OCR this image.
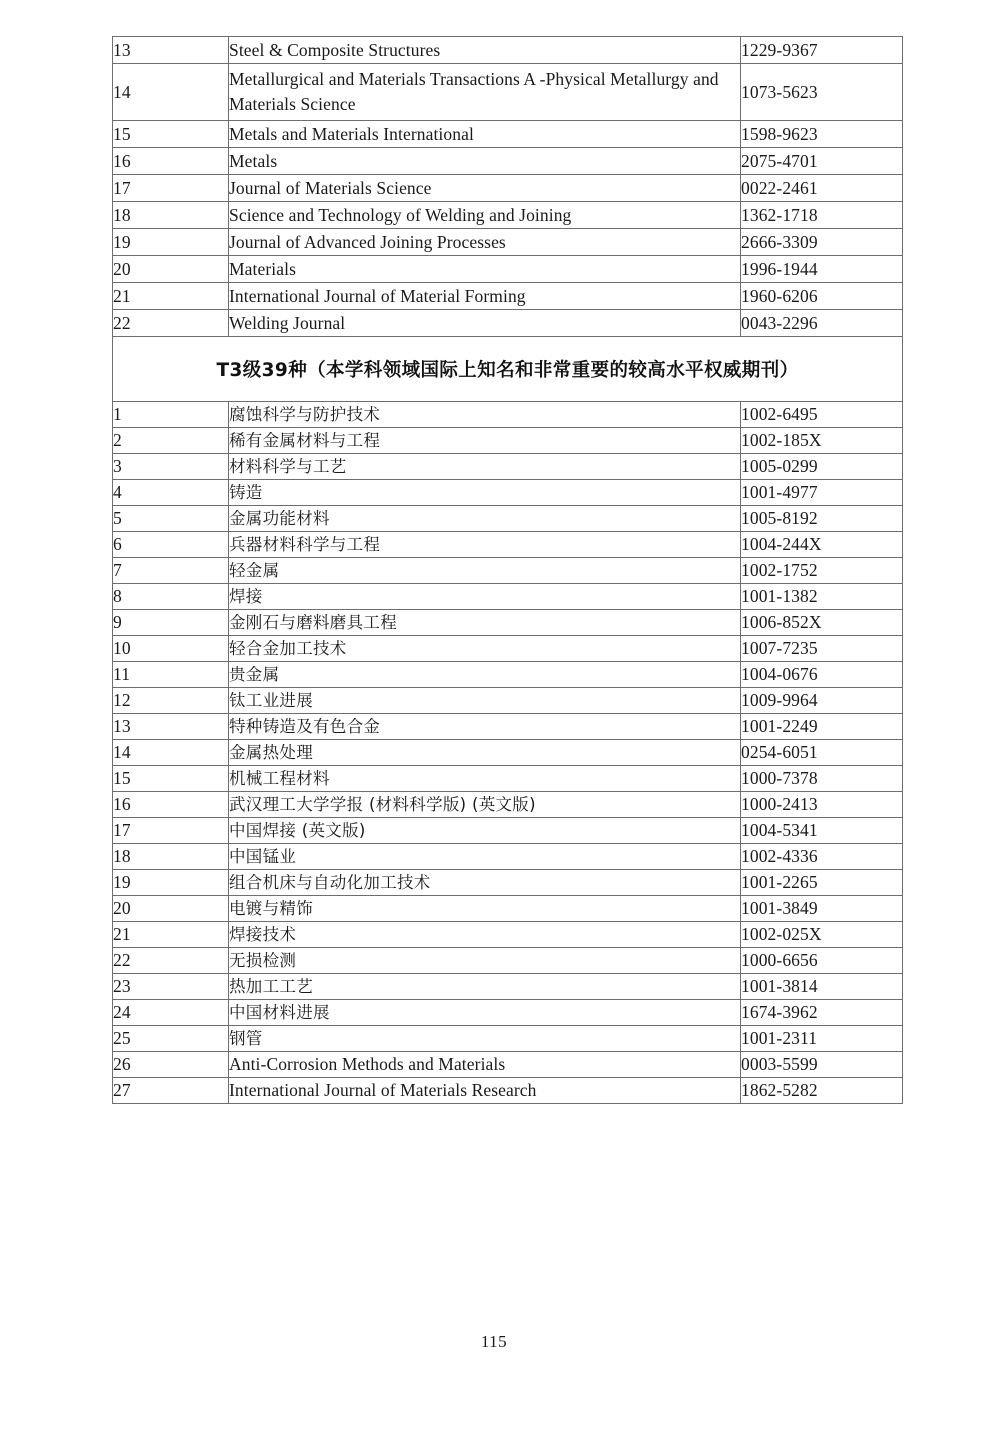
13	Steel & Composite Structures	1229-9367
14	Metallurgical and Materials Transactions A -Physical Metallurgy and Materials Science	1073-5623
15	Metals and Materials International	1598-9623
16	Metals	2075-4701
17	Journal of Materials Science	0022-2461
18	Science and Technology of Welding and Joining	1362-1718
19	Journal of Advanced Joining Processes	2666-3309
20	Materials	1996-1944
21	International Journal of Material Forming	1960-6206
22	Welding Journal	0043-2296
T3级39种（本学科领域国际上知名和非常重要的较高水平权威期刊）		
1	腐蚀科学与防护技术	1002-6495
2	稀有金属材料与工程	1002-185X
3	材料科学与工艺	1005-0299
4	铸造	1001-4977
5	金属功能材料	1005-8192
6	兵器材料科学与工程	1004-244X
7	轻金属	1002-1752
8	焊接	1001-1382
9	金刚石与磨料磨具工程	1006-852X
10	轻合金加工技术	1007-7235
11	贵金属	1004-0676
12	钛工业进展	1009-9964
13	特种铸造及有色合金	1001-2249
14	金属热处理	0254-6051
15	机械工程材料	1000-7378
16	武汉理工大学学报 (材料科学版) (英文版)	1000-2413
17	中国焊接 (英文版)	1004-5341
18	中国锰业	1002-4336
19	组合机床与自动化加工技术	1001-2265
20	电镀与精饰	1001-3849
21	焊接技术	1002-025X
22	无损检测	1000-6656
23	热加工工艺	1001-3814
24	中国材料进展	1674-3962
25	钢管	1001-2311
26	Anti-Corrosion Methods and Materials	0003-5599
27	International Journal of Materials Research	1862-5282
115
